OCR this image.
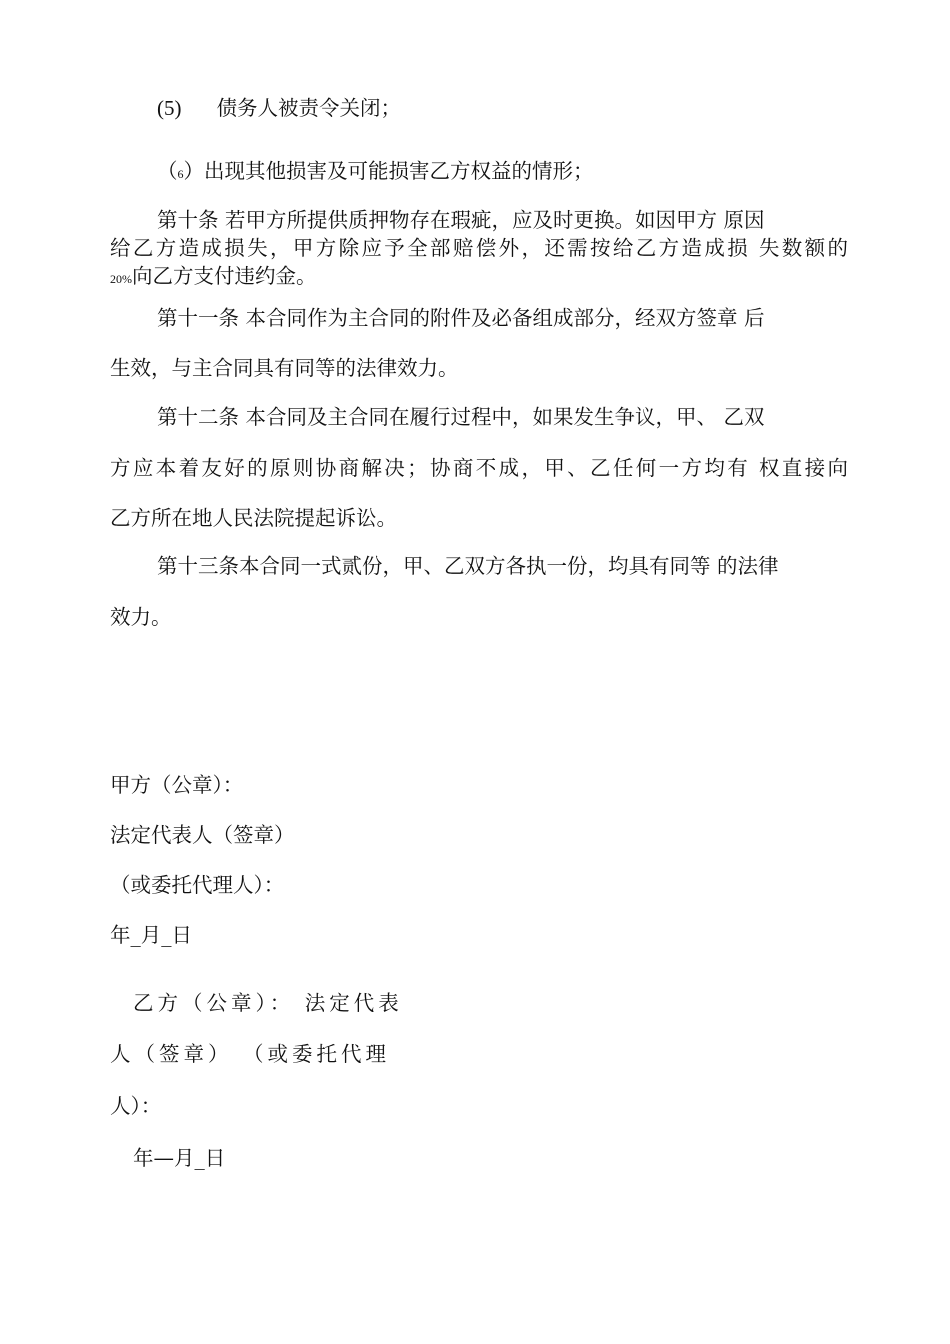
(5) 债务人被责令关闭；
（6）出现其他损害及可能损害乙方权益的情形；
第十条 若甲方所提供质押物存在瑕疵，应及时更换。如因甲方 原因
给乙方造成损失，甲方除应予全部赔偿外，还需按给乙方造成损 失数额的
20%向乙方支付违约金。
第十一条 本合同作为主合同的附件及必备组成部分，经双方签章 后
生效，与主合同具有同等的法律效力。
第十二条 本合同及主合同在履行过程中，如果发生争议，甲、 乙双
方应本着友好的原则协商解决；协商不成，甲、乙任何一方均有 权直接向
乙方所在地人民法院提起诉讼。
第十三条本合同一式贰份，甲、乙双方各执一份，均具有同等 的法律
效力。
甲方（公章）：
法定代表人（签章）
（或委托代理人）：
年_月_日
乙方（公章）： 法定代表
人（签章） （或委托代理
人）：
年—月_日
